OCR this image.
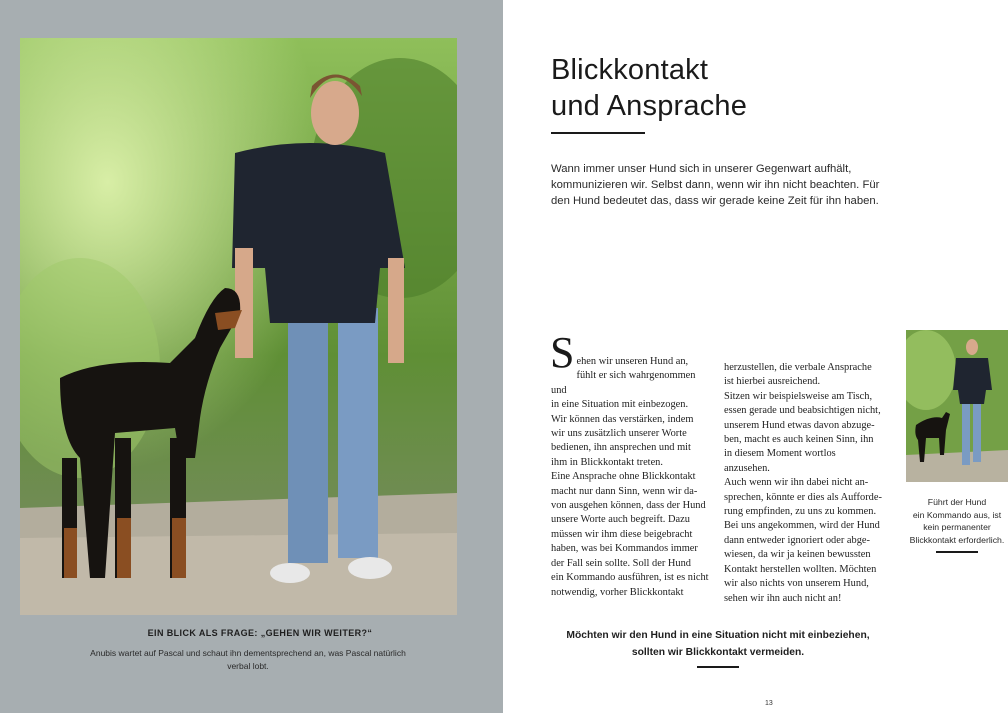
EIN BLICK ALS FRAGE: „GEHEN WIR WEITER?“
Anubis wartet auf Pascal und schaut ihn dementsprechend an, was Pascal natürlich verbal lobt.
Blickkontakt
und Ansprache
Wann immer unser Hund sich in unserer Gegenwart aufhält, kommunizieren wir. Selbst dann, wenn wir ihn nicht beachten. Für den Hund bedeutet das, dass wir gerade keine Zeit für ihn haben.
S ehen wir unseren Hund an,
fühlt er sich wahrgenommen und
in eine Situation mit einbezogen.
Wir können das verstärken, indem
wir uns zusätzlich unserer Worte
bedienen, ihn ansprechen und mit
ihm in Blickkontakt treten.
Eine Ansprache ohne Blickkontakt
macht nur dann Sinn, wenn wir da-
von ausgehen können, dass der Hund
unsere Worte auch begreift. Dazu
müssen wir ihm diese beigebracht
haben, was bei Kommandos immer
der Fall sein sollte. Soll der Hund
ein Kommando ausführen, ist es nicht
notwendig, vorher Blickkontakt

herzustellen, die verbale Ansprache
ist hierbei ausreichend.
Sitzen wir beispielsweise am Tisch,
essen gerade und beabsichtigen nicht,
unserem Hund etwas davon abzuge-
ben, macht es auch keinen Sinn, ihn
in diesem Moment wortlos anzusehen.
Auch wenn wir ihn dabei nicht an-
sprechen, könnte er dies als Aufforde-
rung empfinden, zu uns zu kommen.
Bei uns angekommen, wird der Hund
dann entweder ignoriert oder abge-
wiesen, da wir ja keinen bewussten
Kontakt herstellen wollten. Möchten
wir also nichts von unserem Hund,
sehen wir ihn auch nicht an!

Führt der Hund
ein Kommando aus, ist
kein permanenter
Blickkontakt erforderlich.
Möchten wir den Hund in eine Situation nicht mit einbeziehen,
sollten wir Blickkontakt vermeiden.
13
